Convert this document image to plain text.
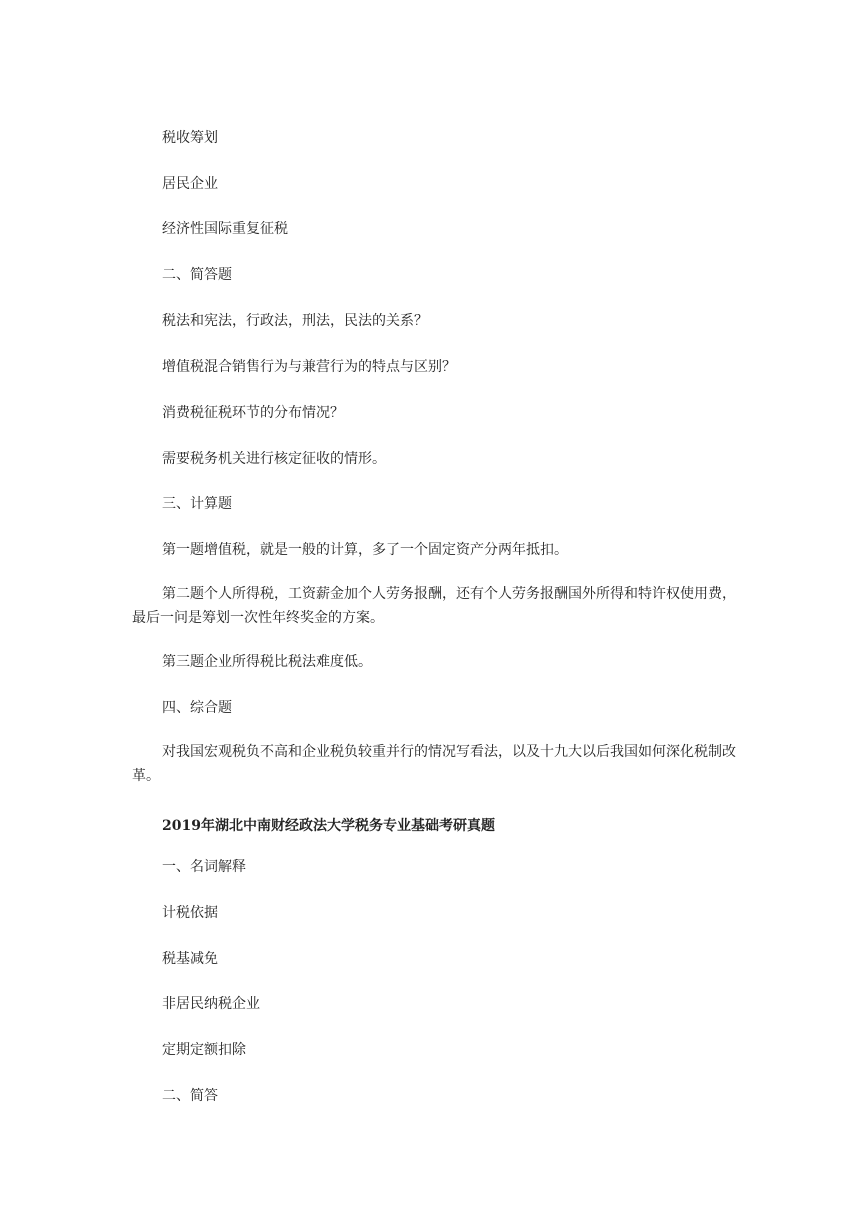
税收筹划

居民企业

经济性国际重复征税

二、简答题

税法和宪法，行政法，刑法，民法的关系？

增值税混合销售行为与兼营行为的特点与区别？

消费税征税环节的分布情况？

需要税务机关进行核定征收的情形。

三、计算题

第一题增值税，就是一般的计算，多了一个固定资产分两年抵扣。

第二题个人所得税，工资薪金加个人劳务报酬，还有个人劳务报酬国外所得和特许权使用费，最后一问是筹划一次性年终奖金的方案。

第三题企业所得税比税法难度低。

四、综合题

对我国宏观税负不高和企业税负较重并行的情况写看法，以及十九大以后我国如何深化税制改革。

2019年湖北中南财经政法大学税务专业基础考研真题

一、名词解释

计税依据

税基减免

非居民纳税企业

定期定额扣除

二、简答
